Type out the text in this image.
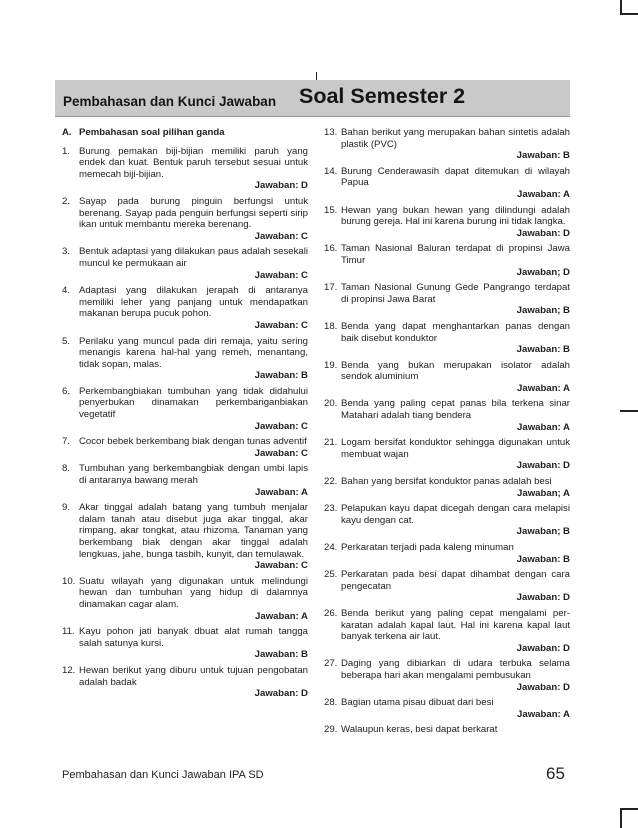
Pembahasan dan Kunci Jawaban Soal Semester 2
A. Pembahasan soal pilihan ganda
1. Burung pemakan biji-bijian memiliki paruh yang endek dan kuat. Bentuk paruh tersebut sesuai untuk memecah biji-bijian.
Jawaban: D
2. Sayap pada burung pinguin berfungsi untuk berenang. Sayap pada penguin berfungsi seperti sirip ikan untuk membantu mereka berenang.
Jawaban: C
3. Bentuk adaptasi yang dilakukan paus adalah sesekali muncul ke permukaan air
Jawaban: C
4. Adaptasi yang dilakukan jerapah di antaranya memiliki leher yang panjang untuk mendapatkan makanan berupa pucuk pohon.
Jawaban: C
5. Perilaku yang muncul pada diri remaja, yaitu sering menangis karena hal-hal yang remeh, menantang, tidak sopan, malas.
Jawaban: B
6. Perkembangbiakan tumbuhan yang tidak didahului penyerbukan dinamakan perkembariganbiakan vegetatif
Jawaban: C
7. Cocor bebek berkembang biak dengan tunas adventif
Jawaban: C
8. Tumbuhan yang berkembangbiak dengan umbi lapis di antaranya bawang merah
Jawaban: A
9. Akar tinggal adalah batang yang tumbuh menjalar dalam tanah atau disebut juga akar tinggal, akar rimpang, akar tongkat, atau rhizoma. Tanaman yang berkembang biak dengan akar tinggal adalah lengkuas, jahe, bunga tasbih, kunyit, dan temulawak.
Jawaban: C
10. Suatu wilayah yang digunakan untuk melindungi hewan dan tumbuhan yang hidup di dalamnya dinamakan cagar alam.
Jawaban: A
11. Kayu pohon jati banyak dbuat alat rumah tangga salah satunya kursi.
Jawaban: B
12. Hewan berikut yang diburu untuk tujuan pengobatan adalah badak
Jawaban: D
13. Bahan berikut yang merupakan bahan sintetis adalah plastik (PVC)
Jawaban: B
14. Burung Cenderawasih dapat ditemukan di wilayah Papua
Jawaban: A
15. Hewan yang bukan hewan yang dilindungi adalah burung gereja. Hal ini karena burung ini tidak langka.
Jawaban: D
16. Taman Nasional Baluran terdapat di propinsi Jawa Timur
Jawaban; D
17. Taman Nasional Gunung Gede Pangrango terdapat di propinsi Jawa Barat
Jawaban; B
18. Benda yang dapat menghantarkan panas dengan baik disebut konduktor
Jawaban: B
19. Benda yang bukan merupakan isolator adalah sendok aluminium
Jawaban: A
20. Benda yang paling cepat panas bila terkena sinar Matahari adalah tiang bendera
Jawaban: A
21. Logam bersifat konduktor sehingga digunakan untuk membuat wajan
Jawaban: D
22. Bahan yang bersifat konduktor panas adalah besi
Jawaban; A
23. Pelapukan kayu dapat dicegah dengan cara melapisi kayu dengan cat.
Jawaban; B
24. Perkaratan terjadi pada kaleng minuman
Jawaban: B
25. Perkaratan pada besi dapat dihambat dengan cara pengecatan
Jawaban: D
26. Benda berikut yang paling cepat mengalami per-karatan adalah kapal laut. Hal ini karena kapal laut banyak terkena air laut.
Jawaban: D
27. Daging yang dibiarkan di udara terbuka selama beberapa hari akan mengalami pembusukan
Jawaban: D
28. Bagian utama pisau dibuat dari besi
Jawaban: A
29. Walaupun keras, besi dapat berkarat
Pembahasan dan Kunci Jawaban IPA SD	65
